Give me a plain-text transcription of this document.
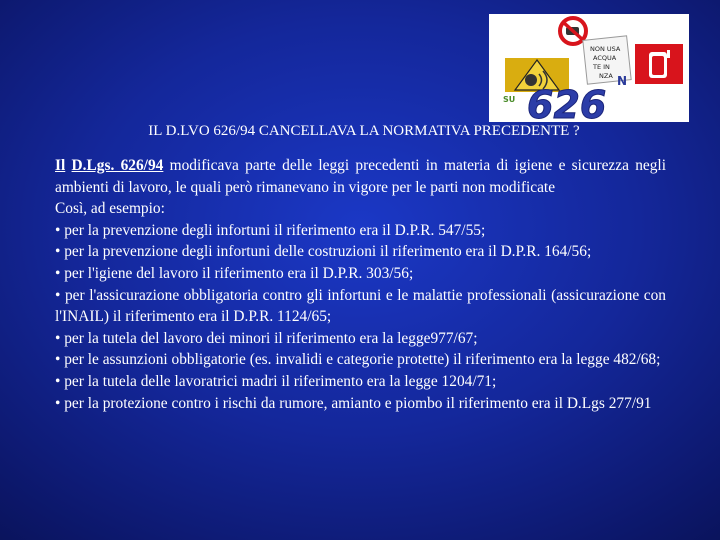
NON USA
ACQUA
TE IN
NZA
SU
N
626
IL D.LVO 626/94 CANCELLAVA LA NORMATIVA PRECEDENTE ?

Il D.Lgs. 626/94 modificava parte delle leggi precedenti in materia di igiene e sicurezza negli ambienti di lavoro, le quali però rimanevano in vigore per le parti non modificate

Così, ad esempio:

• per la prevenzione degli infortuni il riferimento era il D.P.R. 547/55;

• per la prevenzione degli infortuni delle costruzioni il riferimento era il D.P.R. 164/56;

• per l'igiene del lavoro il riferimento era il D.P.R. 303/56;

• per l'assicurazione obbligatoria contro gli infortuni e le malattie professionali (assicurazione con l'INAIL) il riferimento era il D.P.R. 1124/65;

• per la tutela del lavoro dei minori il riferimento era la legge977/67;

• per le assunzioni obbligatorie (es. invalidi e categorie protette) il riferimento era la legge 482/68;

• per la tutela delle lavoratrici madri il riferimento era la legge 1204/71;

• per la protezione contro i rischi da rumore, amianto e piombo il riferimento era il D.Lgs 277/91
